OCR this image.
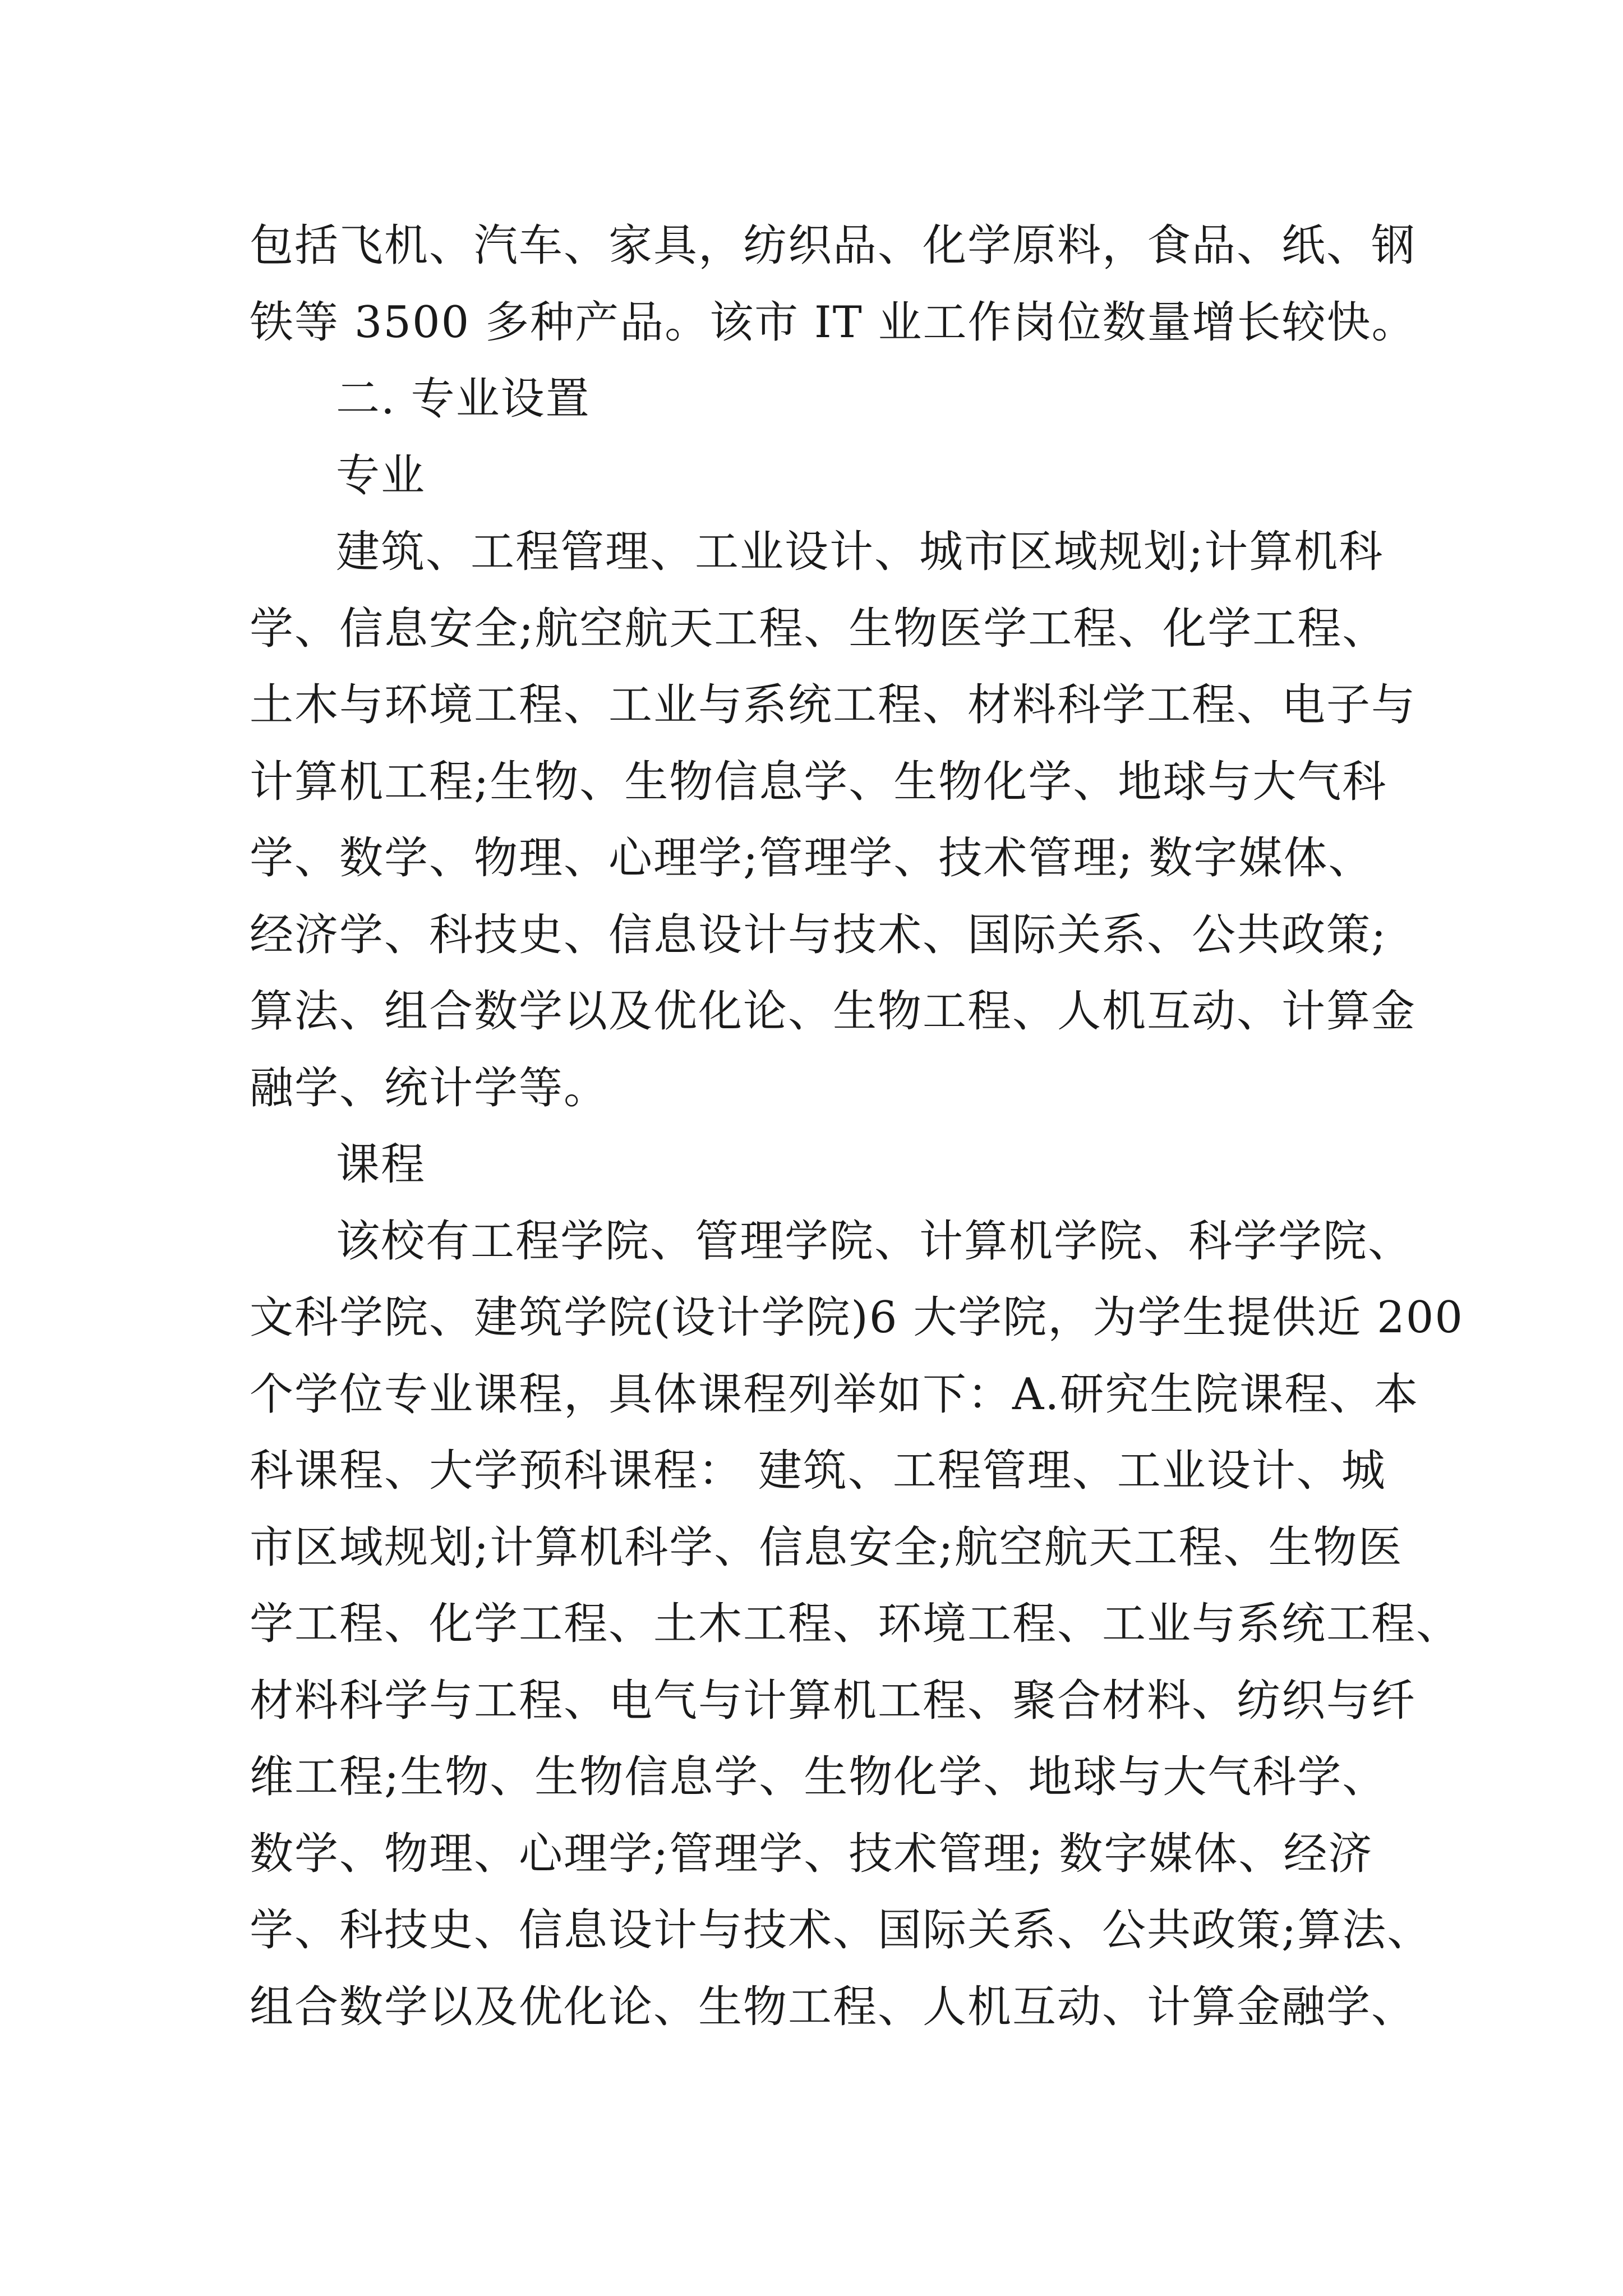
包括飞机、汽车、家具，纺织品、化学原料，食品、纸、钢
铁等 3500 多种产品。该市 IT 业工作岗位数量增长较快。
二. 专业设置
专业
建筑、工程管理、工业设计、城市区域规划;计算机科
学、信息安全;航空航天工程、生物医学工程、化学工程、
土木与环境工程、工业与系统工程、材料科学工程、电子与
计算机工程;生物、生物信息学、生物化学、地球与大气科
学、数学、物理、心理学;管理学、技术管理; 数字媒体、
经济学、科技史、信息设计与技术、国际关系、公共政策;
算法、组合数学以及优化论、生物工程、人机互动、计算金
融学、统计学等。
课程
该校有工程学院、管理学院、计算机学院、科学学院、
文科学院、建筑学院(设计学院)6 大学院，为学生提供近 200
个学位专业课程，具体课程列举如下：A.研究生院课程、本
科课程、大学预科课程： 建筑、工程管理、工业设计、城
市区域规划;计算机科学、信息安全;航空航天工程、生物医
学工程、化学工程、土木工程、环境工程、工业与系统工程、
材料科学与工程、电气与计算机工程、聚合材料、纺织与纤
维工程;生物、生物信息学、生物化学、地球与大气科学、
数学、物理、心理学;管理学、技术管理; 数字媒体、经济
学、科技史、信息设计与技术、国际关系、公共政策;算法、
组合数学以及优化论、生物工程、人机互动、计算金融学、
